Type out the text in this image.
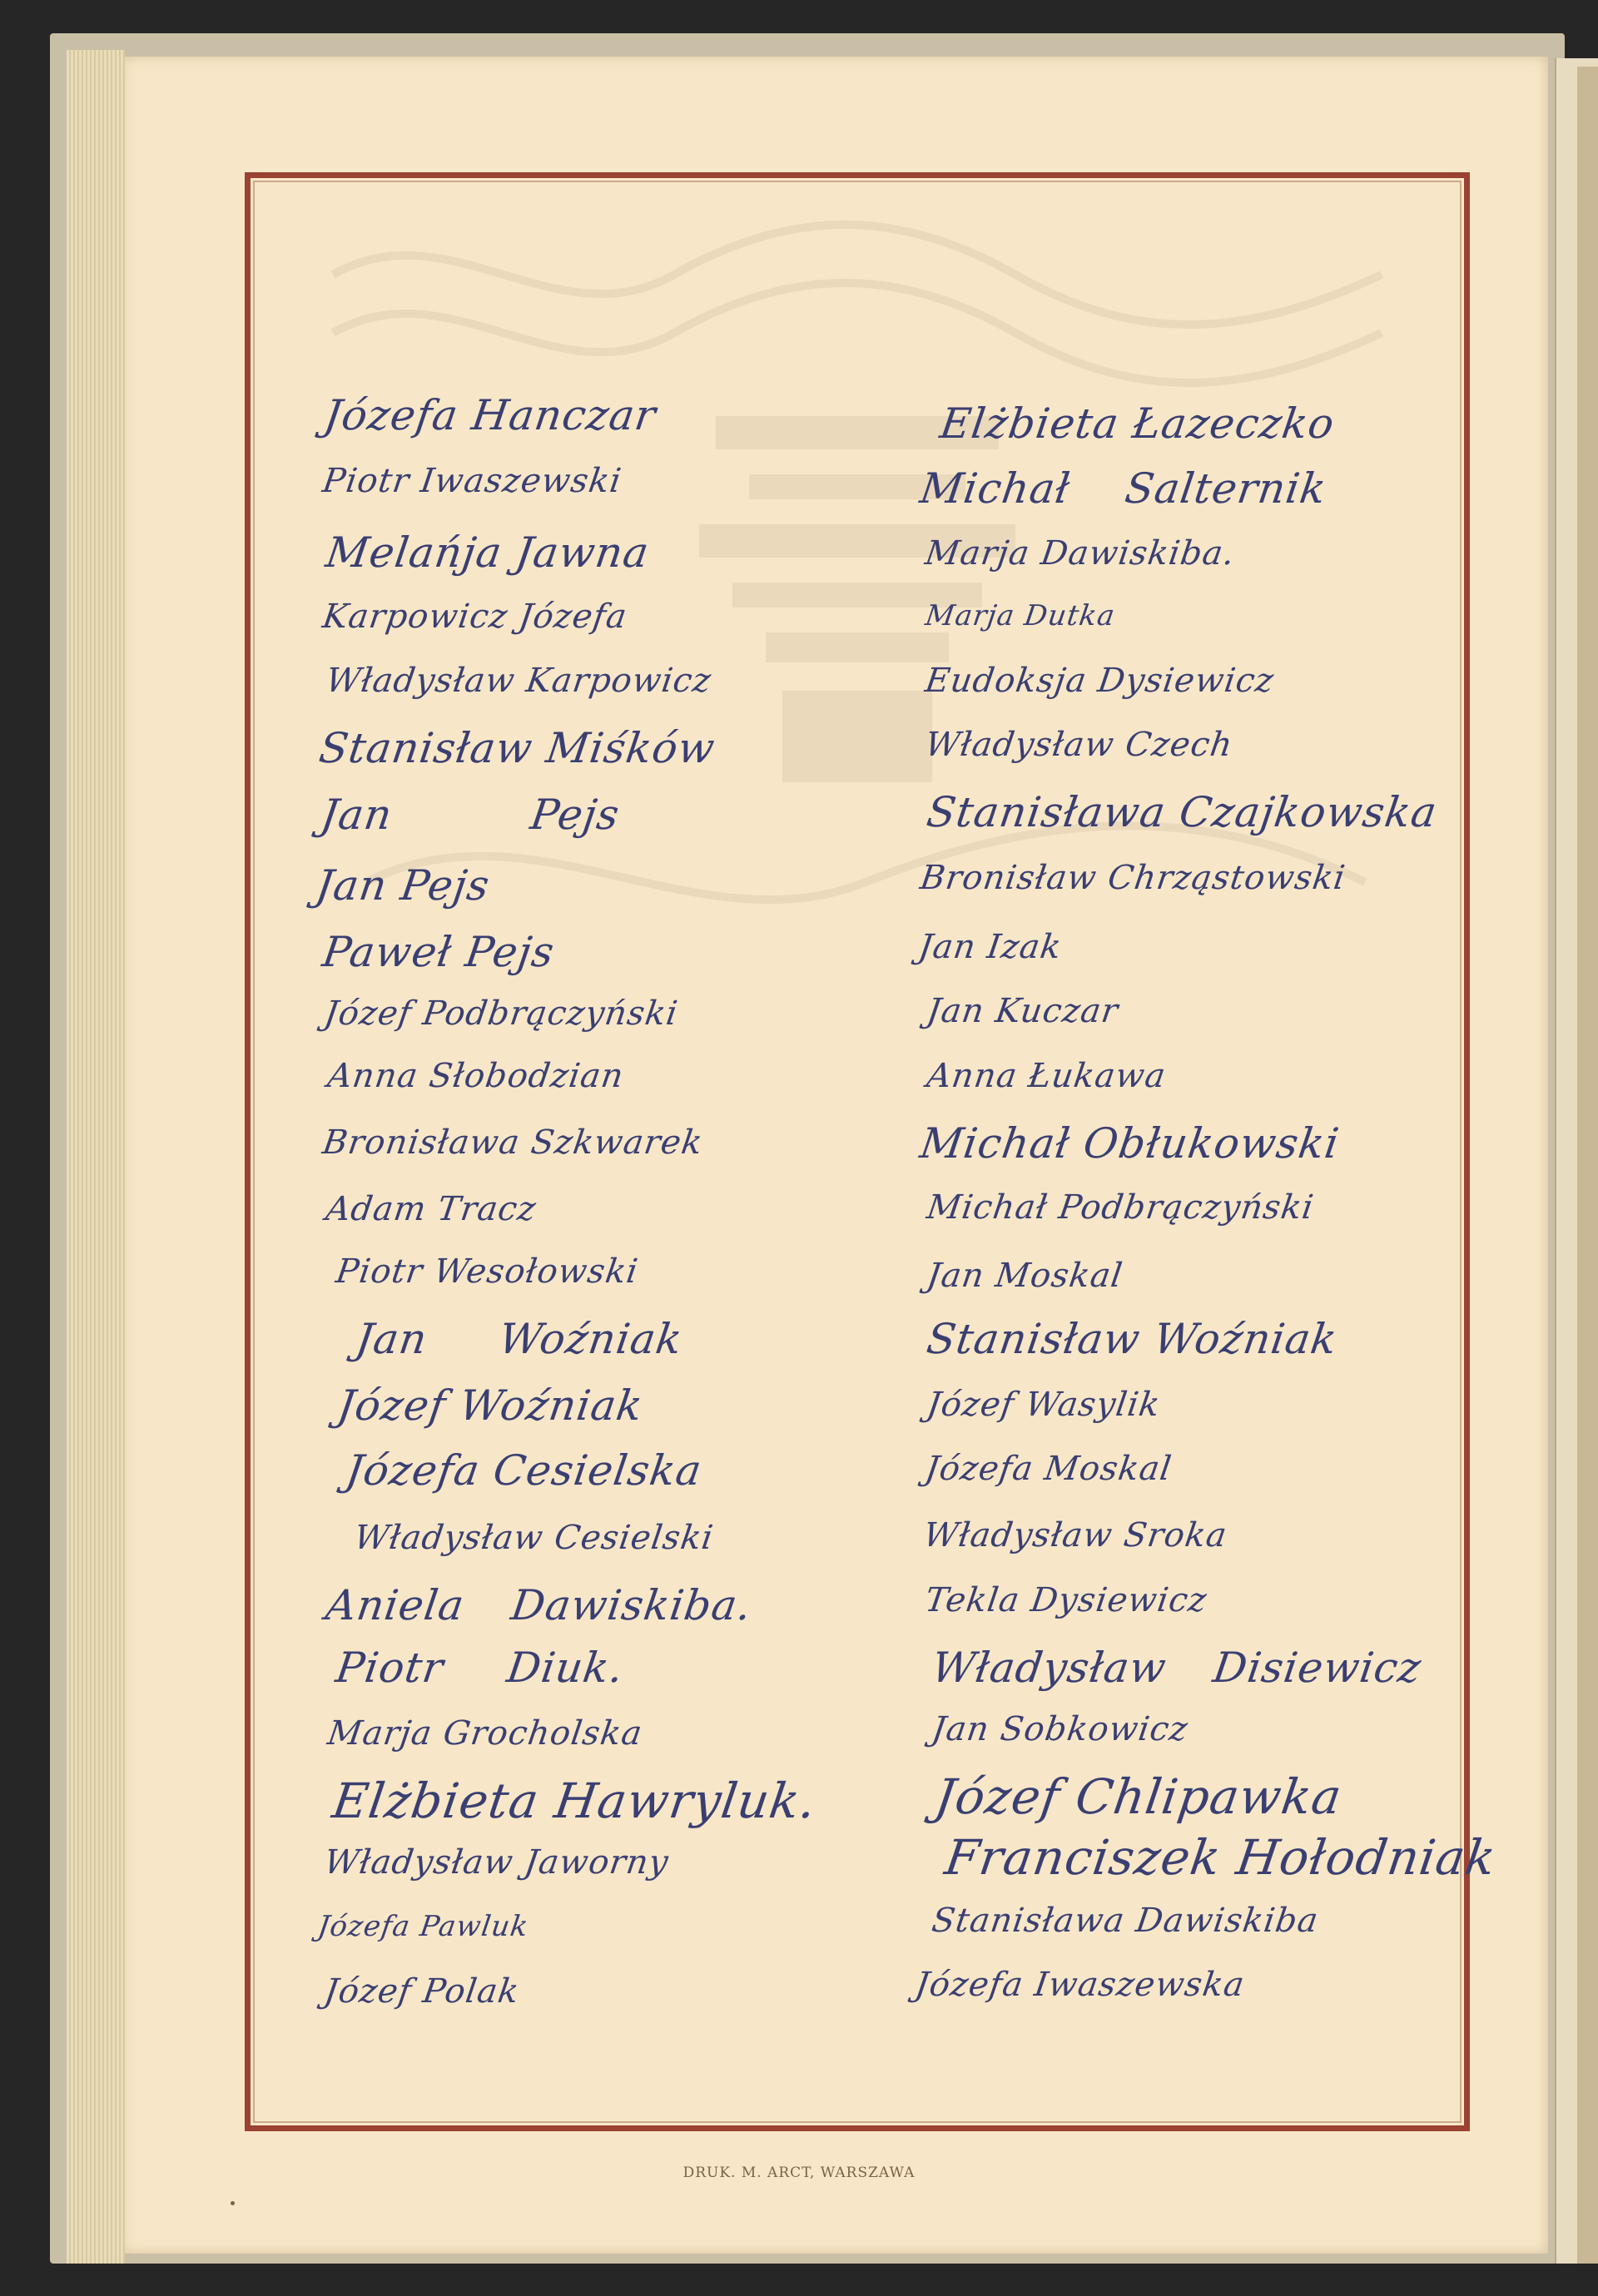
Józefa Hanczar
Piotr Iwaszewski
Melańja Jawna
Karpowicz Józefa
Władysław Karpowicz
Stanisław Miśków
Jan Pejs
Jan Pejs
Paweł Pejs
Józef Podbrączyński
Anna Słobodzian
Bronisława Szkwarek
Adam Tracz
Piotr Wesołowski
Jan Woźniak
Józef Woźniak
Józefa Cesielska
Władysław Cesielski
Aniela Dawiskiba.
Piotr Diuk.
Marja Grocholska
Elżbieta Hawryluk.
Władysław Jaworny
Józefa Pawluk
Józef Polak
Elżbieta Łazeczko
Michał Salternik
Marja Dawiskiba.
Marja Dutka
Eudoksja Dysiewicz
Władysław Czech
Stanisława Czajkowska
Bronisław Chrząstowski
Jan Izak
Jan Kuczar
Anna Łukawa
Michał Obłukowski
Michał Podbrączyński
Jan Moskal
Stanisław Woźniak
Józef Wasylik
Józefa Moskal
Władysław Sroka
Tekla Dysiewicz
Władysław Disiewicz
Jan Sobkowicz
Józef Chlipawka
Franciszek Hołodniak
Stanisława Dawiskiba
Józefa Iwaszewska
DRUK. M. ARCT, WARSZAWA
